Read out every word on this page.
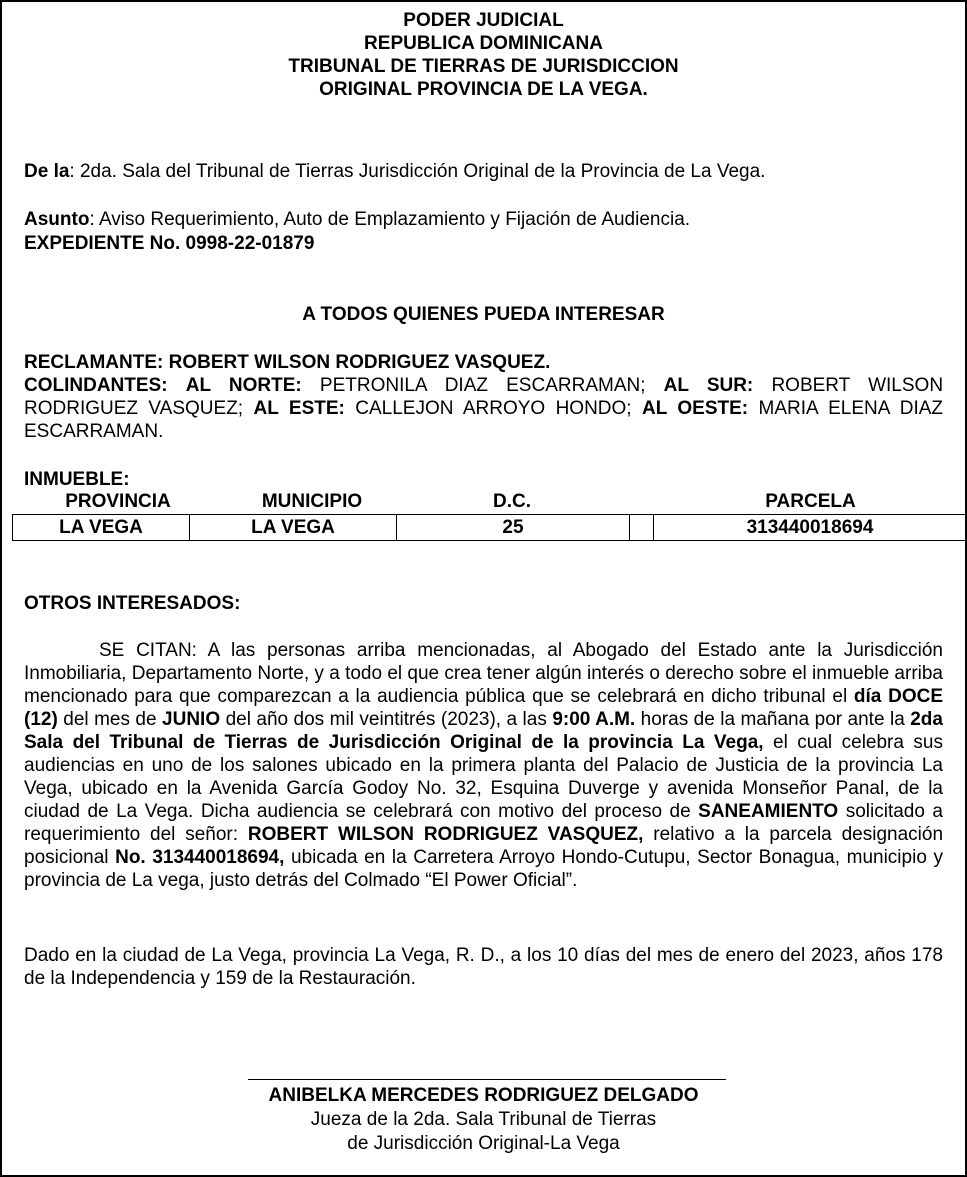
PODER JUDICIAL
REPUBLICA DOMINICANA
TRIBUNAL DE TIERRAS DE JURISDICCION
ORIGINAL PROVINCIA DE LA VEGA.
De la: 2da. Sala del Tribunal de Tierras Jurisdicción Original de la Provincia de La Vega.
Asunto: Aviso Requerimiento, Auto de Emplazamiento y Fijación de Audiencia.
EXPEDIENTE No. 0998-22-01879
A TODOS QUIENES PUEDA INTERESAR
RECLAMANTE: ROBERT WILSON RODRIGUEZ VASQUEZ.
COLINDANTES: AL NORTE: PETRONILA DIAZ ESCARRAMAN; AL SUR: ROBERT WILSON RODRIGUEZ VASQUEZ; AL ESTE: CALLEJON ARROYO HONDO; AL OESTE: MARIA ELENA DIAZ ESCARRAMAN.
INMUEBLE:
PROVINCIA	MUNICIPIO	D.C.	PARCELA
LA VEGA	LA VEGA	25	313440018694
OTROS INTERESADOS:
SE CITAN: A las personas arriba mencionadas, al Abogado del Estado ante la Jurisdicción Inmobiliaria, Departamento Norte, y a todo el que crea tener algún interés o derecho sobre el inmueble arriba mencionado para que comparezcan a la audiencia pública que se celebrará en dicho tribunal el día DOCE (12) del mes de JUNIO del año dos mil veintitrés (2023), a las 9:00 A.M. horas de la mañana por ante la 2da Sala del Tribunal de Tierras de Jurisdicción Original de la provincia La Vega, el cual celebra sus audiencias en uno de los salones ubicado en la primera planta del Palacio de Justicia de la provincia La Vega, ubicado en la Avenida García Godoy No. 32, Esquina Duverge y avenida Monseñor Panal, de la ciudad de La Vega. Dicha audiencia se celebrará con motivo del proceso de SANEAMIENTO solicitado a requerimiento del señor: ROBERT WILSON RODRIGUEZ VASQUEZ, relativo a la parcela designación posicional No. 313440018694, ubicada en la Carretera Arroyo Hondo-Cutupu, Sector Bonagua, municipio y provincia de La vega, justo detrás del Colmado “El Power Oficial”.
Dado en la ciudad de La Vega, provincia La Vega, R. D., a los 10 días del mes de enero del 2023, años 178 de la Independencia y 159 de la Restauración.
ANIBELKA MERCEDES RODRIGUEZ DELGADO
Jueza de la 2da. Sala Tribunal de Tierras
de Jurisdicción Original-La Vega
